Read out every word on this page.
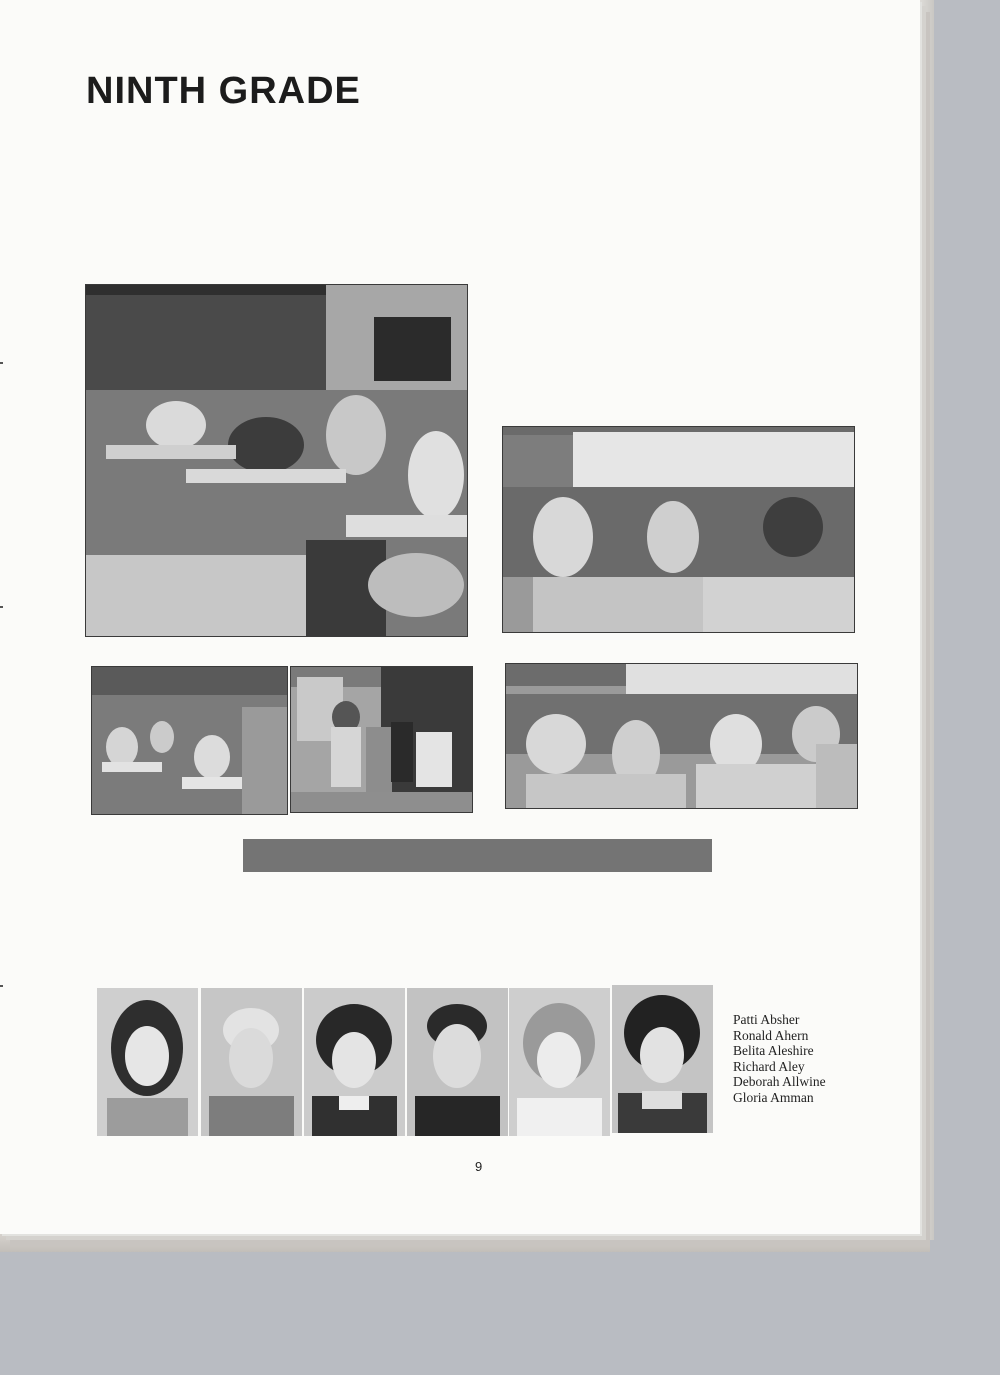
NINTH GRADE
Patti Absher
Ronald Ahern
Belita Aleshire
Richard Aley
Deborah Allwine
Gloria Amman
9
